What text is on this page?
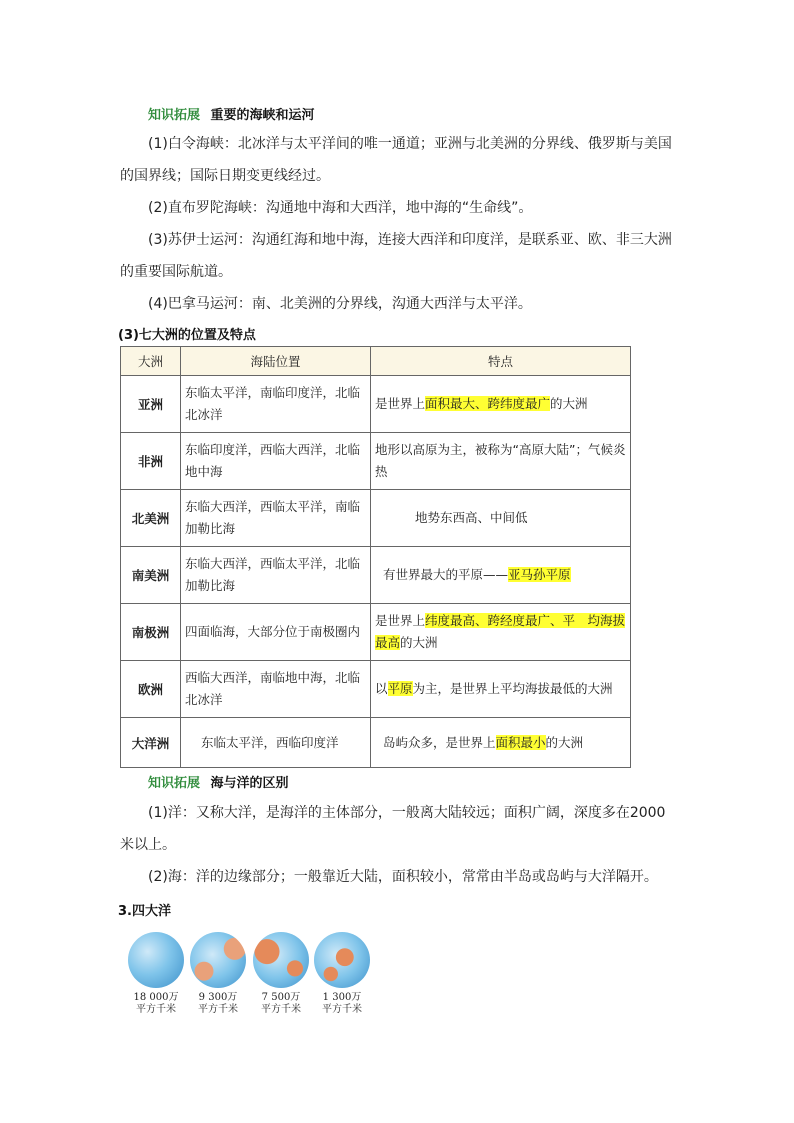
知识拓展 重要的海峡和运河
(1)白令海峡：北冰洋与太平洋间的唯一通道；亚洲与北美洲的分界线、俄罗斯与美国的国界线；国际日期变更线经过。
(2)直布罗陀海峡：沟通地中海和大西洋，地中海的“生命线”。
(3)苏伊士运河：沟通红海和地中海，连接大西洋和印度洋，是联系亚、欧、非三大洲的重要国际航道。
(4)巴拿马运河：南、北美洲的分界线，沟通大西洋与太平洋。
(3)七大洲的位置及特点
大洲	海陆位置	特点
亚洲	东临太平洋，南临印度洋，北临北冰洋	是世界上面积最大、跨纬度最广的大洲
非洲	东临印度洋，西临大西洋，北临地中海	地形以高原为主，被称为“高原大陆”；气候炎热
北美洲	东临大西洋，西临太平洋，南临加勒比海	地势东西高、中间低
南美洲	东临大西洋，西临太平洋，北临加勒比海	有世界最大的平原——亚马孙平原
南极洲	四面临海，大部分位于南极圈内	是世界上纬度最高、跨经度最广、平　均海拔最高的大洲
欧洲	西临大西洋，南临地中海，北临北冰洋	以平原为主，是世界上平均海拔最低的大洲
大洋洲	东临太平洋，西临印度洋	岛屿众多，是世界上面积最小的大洲
知识拓展 海与洋的区别
(1)洋：又称大洋，是海洋的主体部分，一般离大陆较远；面积广阔，深度多在2000米以上。
(2)海：洋的边缘部分；一般靠近大陆，面积较小，常常由半岛或岛屿与大洋隔开。
3.四大洋
18 000万
平方千米
9 300万
平方千米
7 500万
平方千米
1 300万
平方千米
